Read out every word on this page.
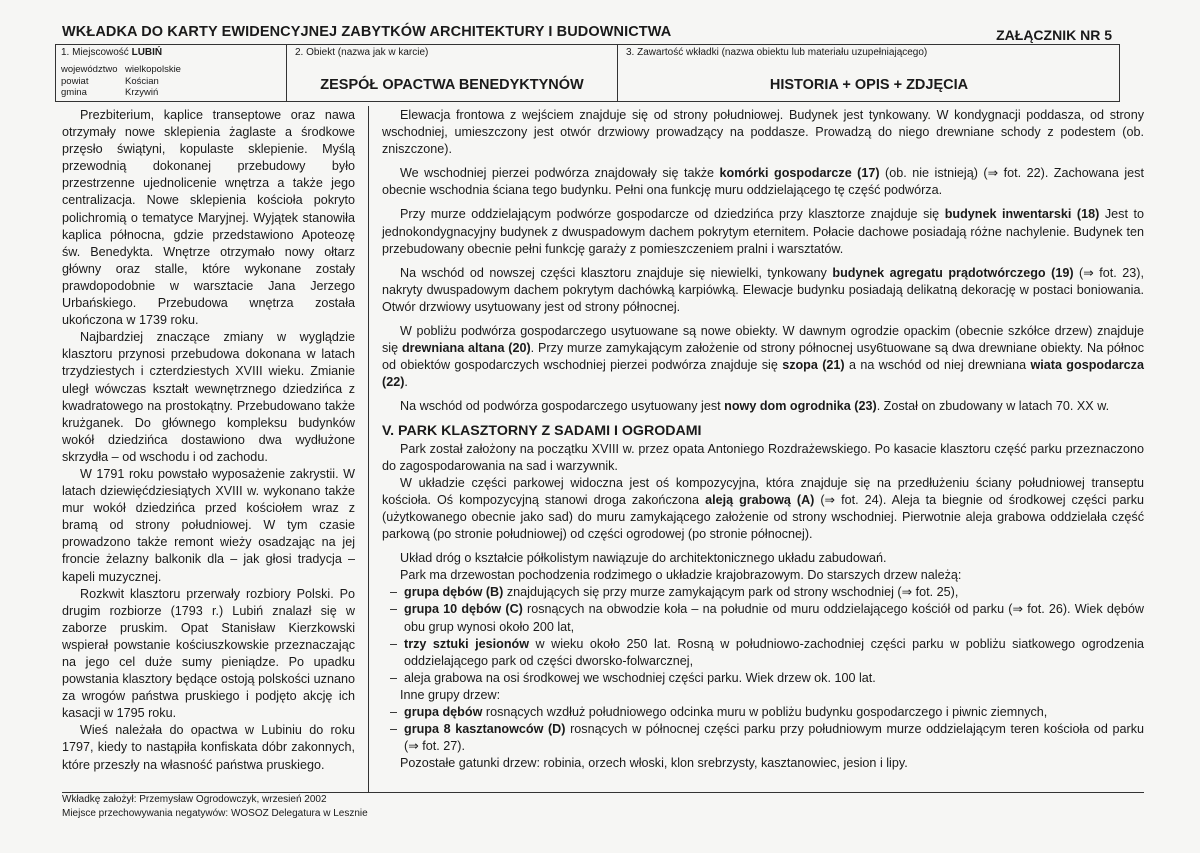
WKŁADKA DO KARTY EWIDENCYJNEJ ZABYTKÓW ARCHITEKTURY I BUDOWNICTWA	ZAŁĄCZNIK NR 5
1. Miejscowość LUBIŃ
województwo wielkopolskie
powiat	Kościan
gmina	Krzywiń
2. Obiekt (nazwa jak w karcie)
ZESPÓŁ OPACTWA BENEDYKTYNÓW
3. Zawartość wkładki (nazwa obiektu lub materiału uzupełniającego)
HISTORIA + OPIS + ZDJĘCIA

Prezbiterium, kaplice transeptowe oraz nawa otrzymały nowe sklepienia żaglaste a środkowe przęsło świątyni, kopulaste sklepienie. Myślą przewodnią dokonanej przebudowy było przestrzenne ujednolicenie wnętrza a także jego centralizacja. Nowe sklepienia kościoła pokryto polichromią o tematyce Maryjnej. Wyjątek stanowiła kaplica północna, gdzie przedstawiono Apoteozę św. Benedykta. Wnętrze otrzymało nowy ołtarz główny oraz stalle, które wykonane zostały prawdopodobnie w warsztacie Jana Jerzego Urbańskiego. Przebudowa wnętrza została ukończona w 1739 roku.

Najbardziej znaczące zmiany w wyglądzie klasztoru przynosi przebudowa dokonana w latach trzydziestych i czterdziestych XVIII wieku. Zmianie uległ wówczas kształt wewnętrznego dziedzińca z kwadratowego na prostokątny. Przebudowano także krużganek. Do głównego kompleksu budynków wokół dziedzińca dostawiono dwa wydłużone skrzydła – od wschodu i od zachodu.

W 1791 roku powstało wyposażenie zakrystii. W latach dziewięćdziesiątych XVIII w. wykonano także mur wokół dziedzińca przed kościołem wraz z bramą od strony południowej. W tym czasie prowadzono także remont wieży osadzając na jej froncie żelazny balkonik dla – jak głosi tradycja – kapeli muzycznej.

Rozkwit klasztoru przerwały rozbiory Polski. Po drugim rozbiorze (1793 r.) Lubiń znalazł się w zaborze pruskim. Opat Stanisław Kierzkowski wspierał powstanie kościuszkowskie przeznaczając na jego cel duże sumy pieniądze. Po upadku powstania klasztory będące ostoją polskości uznano za wrogów państwa pruskiego i podjęto akcję ich kasacji w 1795 roku.

Wieś należała do opactwa w Lubiniu do roku 1797, kiedy to nastąpiła konfiskata dóbr zakonnych, które przeszły na własność państwa pruskiego.

Elewacja frontowa z wejściem znajduje się od strony południowej. Budynek jest tynkowany. W kondygnacji poddasza, od strony wschodniej, umieszczony jest otwór drzwiowy prowadzący na poddasze. Prowadzą do niego drewniane schody z podestem (ob. zniszczone).

We wschodniej pierzei podwórza znajdowały się także komórki gospodarcze (17) (ob. nie istnieją) (⇒ fot. 22). Zachowana jest obecnie wschodnia ściana tego budynku. Pełni ona funkcję muru oddzielającego tę część podwórza.

Przy murze oddzielającym podwórze gospodarcze od dziedzińca przy klasztorze znajduje się budynek inwentarski (18) Jest to jednokondygnacyjny budynek z dwuspadowym dachem pokrytym eternitem. Połacie dachowe posiadają różne nachylenie. Budynek ten przebudowany obecnie pełni funkcję garaży z pomieszczeniem pralni i warsztatów.

Na wschód od nowszej części klasztoru znajduje się niewielki, tynkowany budynek agregatu prądotwórczego (19) (⇒ fot. 23), nakryty dwuspadowym dachem pokrytym dachówką karpiówką. Elewacje budynku posiadają delikatną dekorację w postaci boniowania. Otwór drzwiowy usytuowany jest od strony północnej.

W pobliżu podwórza gospodarczego usytuowane są nowe obiekty. W dawnym ogrodzie opackim (obecnie szkółce drzew) znajduje się drewniana altana (20). Przy murze zamykającym założenie od strony północnej usy6tuowane są dwa drewniane obiekty. Na północ od obiektów gospodarczych wschodniej pierzei podwórza znajduje się szopa (21) a na wschód od niej drewniana wiata gospodarcza (22).

Na wschód od podwórza gospodarczego usytuowany jest nowy dom ogrodnika (23). Został on zbudowany w latach 70. XX w.

V. PARK KLASZTORNY Z SADAMI I OGRODAMI

Park został założony na początku XVIII w. przez opata Antoniego Rozdrażewskiego. Po kasacie klasztoru część parku przeznaczono do zagospodarowania na sad i warzywnik.

W układzie części parkowej widoczna jest oś kompozycyjna, która znajduje się na przedłużeniu ściany południowej transeptu kościoła. Oś kompozycyjną stanowi droga zakończona aleją grabową (A) (⇒ fot. 24). Aleja ta biegnie od środkowej części parku (użytkowanego obecnie jako sad) do muru zamykającego założenie od strony wschodniej. Pierwotnie aleja grabowa oddzielała część parkową (po stronie południowej) od części ogrodowej (po stronie północnej).

Układ dróg o kształcie półkolistym nawiązuje do architektonicznego układu zabudowań.

Park ma drzewostan pochodzenia rodzimego o układzie krajobrazowym. Do starszych drzew należą:

– grupa dębów (B) znajdujących się przy murze zamykającym park od strony wschodniej (⇒ fot. 25),
– grupa 10 dębów (C) rosnących na obwodzie koła – na południe od muru oddzielającego kościół od parku (⇒ fot. 26). Wiek dębów obu grup wynosi około 200 lat,
– trzy sztuki jesionów w wieku około 250 lat. Rosną w południowo-zachodniej części parku w pobliżu siatkowego ogrodzenia oddzielającego park od części dworsko-folwarcznej,
– aleja grabowa na osi środkowej we wschodniej części parku. Wiek drzew ok. 100 lat.

Inne grupy drzew:

– grupa dębów rosnących wzdłuż południowego odcinka muru w pobliżu budynku gospodarczego i piwnic ziemnych,
– grupa 8 kasztanowców (D) rosnących w północnej części parku przy południowym murze oddzielającym teren kościoła od parku (⇒ fot. 27).

Pozostałe gatunki drzew: robinia, orzech włoski, klon srebrzysty, kasztanowiec, jesion i lipy.

Wkładkę założył: Przemysław Ogrodowczyk, wrzesień 2002
Miejsce przechowywania negatywów: WOSOZ Delegatura w Lesznie
